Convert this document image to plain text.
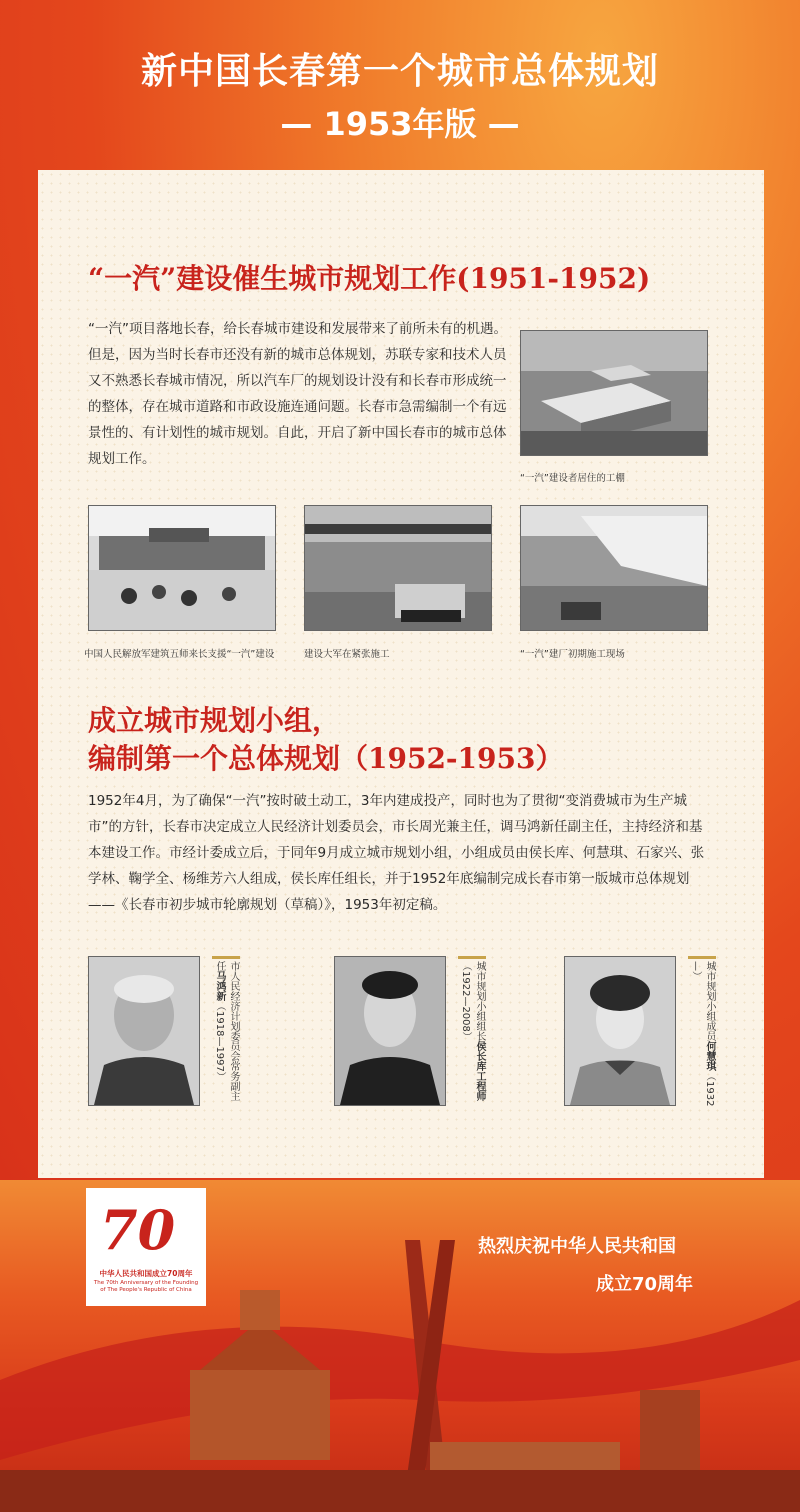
新中国长春第一个城市总体规划
— 1953年版 —
“一汽”建设催生城市规划工作(1951-1952)
“一汽”项目落地长春，给长春城市建设和发展带来了前所未有的机遇。但是，因为当时长春市还没有新的城市总体规划，苏联专家和技术人员又不熟悉长春城市情况，所以汽车厂的规划设计没有和长春市形成统一的整体，存在城市道路和市政设施连通问题。长春市急需编制一个有远景性的、有计划性的城市规划。自此，开启了新中国长春市的城市总体规划工作。
“一汽”建设者居住的工棚
中国人民解放军建筑五师来长支援“一汽”建设	建设大军在紧张施工	“一汽”建厂初期施工现场
成立城市规划小组，
编制第一个总体规划（1952-1953）
1952年4月，为了确保“一汽”按时破土动工，3年内建成投产，同时也为了贯彻“变消费城市为生产城市”的方针，长春市决定成立人民经济计划委员会，市长周光兼主任，调马鸿新任副主任，主持经济和基本建设工作。市经计委成立后，于同年9月成立城市规划小组，小组成员由侯长库、何慧琪、石家兴、张学林、鞠学全、杨维芳六人组成，侯长库任组长，并于1952年底编制完成长春市第一版城市总体规划——《长春市初步城市轮廓规划（草稿）》，1953年初定稿。
市人民经济计划委员会常务副主任马鸿新（1918—1997）	城市规划小组组长侯长库工程师（1922—2008）	城市规划小组成员何慧琪（1932—）
70
中华人民共和国成立70周年
The 70th Anniversary of the Founding of The People's Republic of China
热烈庆祝中华人民共和国
成立70周年
